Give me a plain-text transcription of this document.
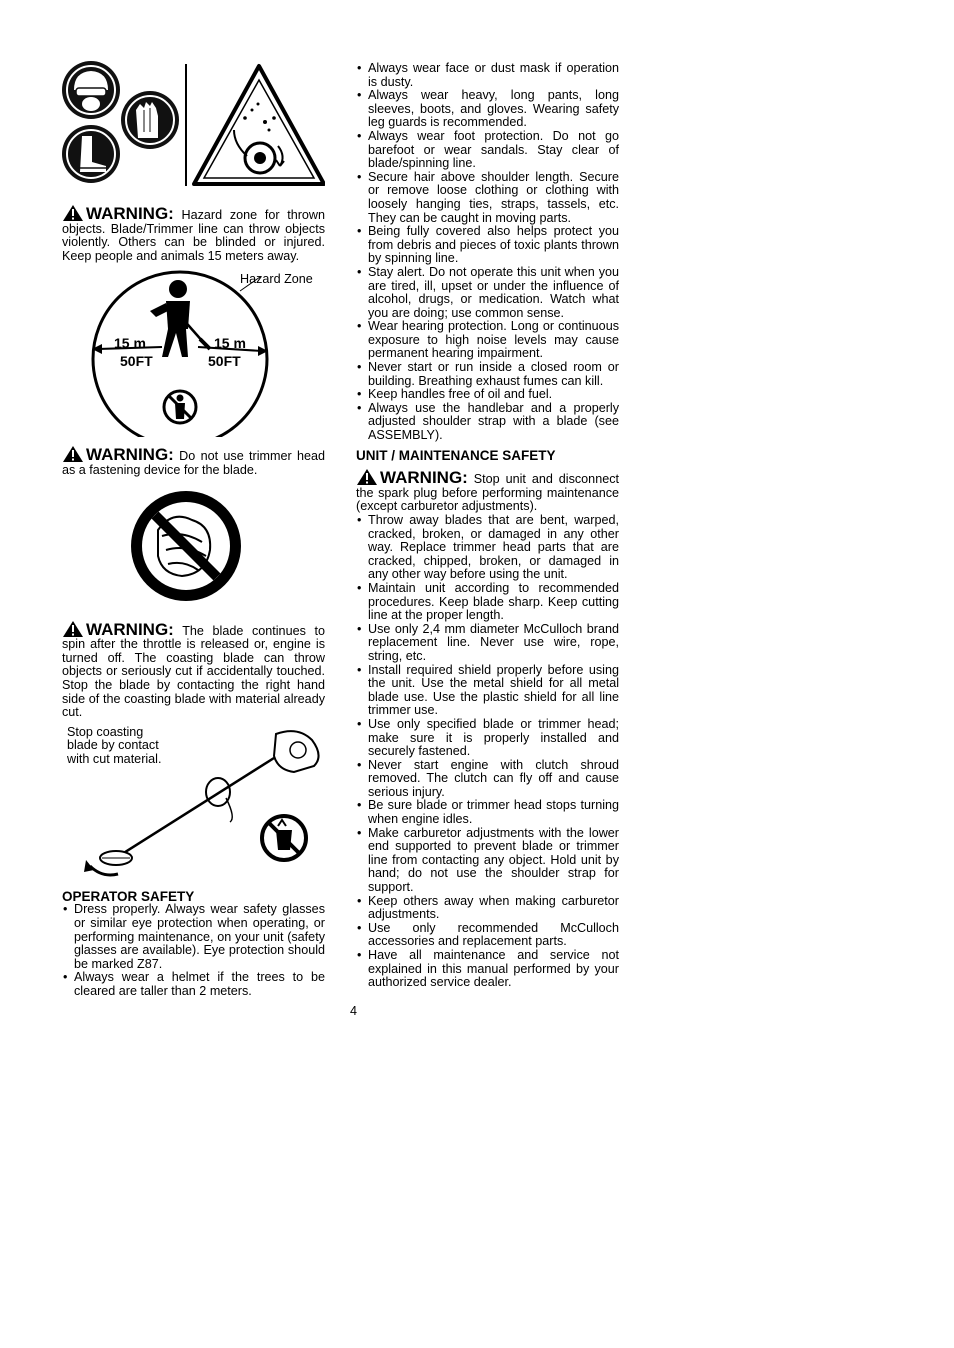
WARNING: Hazard zone for thrown objects. Blade/Trimmer line can throw objects violently. Others can be blinded or injured. Keep people and animals 15 meters away.

Hazard Zone
15 m
50FT
15 m
50FT

WARNING: Do not use trimmer head as a fastening device for the blade.

WARNING: The blade continues to spin after the throttle is released or, engine is turned off. The coasting blade can throw objects or seriously cut if accidentally touched. Stop the blade by contacting the right hand side of the coasting blade with material already cut.

Stop coasting blade by contact with cut material.

OPERATOR SAFETY

• Dress properly. Always wear safety glasses or similar eye protection when operating, or performing maintenance, on your unit (safety glasses are available). Eye protection should be marked Z87.
• Always wear a helmet if the trees to be cleared are taller than 2 meters.
• Always wear face or dust mask if operation is dusty.
• Always wear heavy, long pants, long sleeves, boots, and gloves. Wearing safety leg guards is recommended.
• Always wear foot protection. Do not go barefoot or wear sandals. Stay clear of blade/spinning line.
• Secure hair above shoulder length. Secure or remove loose clothing or clothing with loosely hanging ties, straps, tassels, etc. They can be caught in moving parts.
• Being fully covered also helps protect you from debris and pieces of toxic plants thrown by spinning line.
• Stay alert. Do not operate this unit when you are tired, ill, upset or under the influence of alcohol, drugs, or medication. Watch what you are doing; use common sense.
• Wear hearing protection. Long or continuous exposure to high noise levels may cause permanent hearing impairment.
• Never start or run inside a closed room or building. Breathing exhaust fumes can kill.
• Keep handles free of oil and fuel.
• Always use the handlebar and a properly adjusted shoulder strap with a blade (see ASSEMBLY).

UNIT / MAINTENANCE SAFETY

WARNING: Stop unit and disconnect the spark plug before performing maintenance (except carburetor adjustments).

• Throw away blades that are bent, warped, cracked, broken, or damaged in any other way. Replace trimmer head parts that are cracked, chipped, broken, or damaged in any other way before using the unit.
• Maintain unit according to recommended procedures. Keep blade sharp. Keep cutting line at the proper length.
• Use only 2,4 mm diameter McCulloch brand replacement line. Never use wire, rope, string, etc.
• Install required shield properly before using the unit. Use the metal shield for all metal blade use. Use the plastic shield for all line trimmer use.
• Use only specified blade or trimmer head; make sure it is properly installed and securely fastened.
• Never start engine with clutch shroud removed. The clutch can fly off and cause serious injury.
• Be sure blade or trimmer head stops turning when engine idles.
• Make carburetor adjustments with the lower end supported to prevent blade or trimmer line from contacting any object. Hold unit by hand; do not use the shoulder strap for support.
• Keep others away when making carburetor adjustments.
• Use only recommended McCulloch accessories and replacement parts.
• Have all maintenance and service not explained in this manual performed by your authorized service dealer.
4
